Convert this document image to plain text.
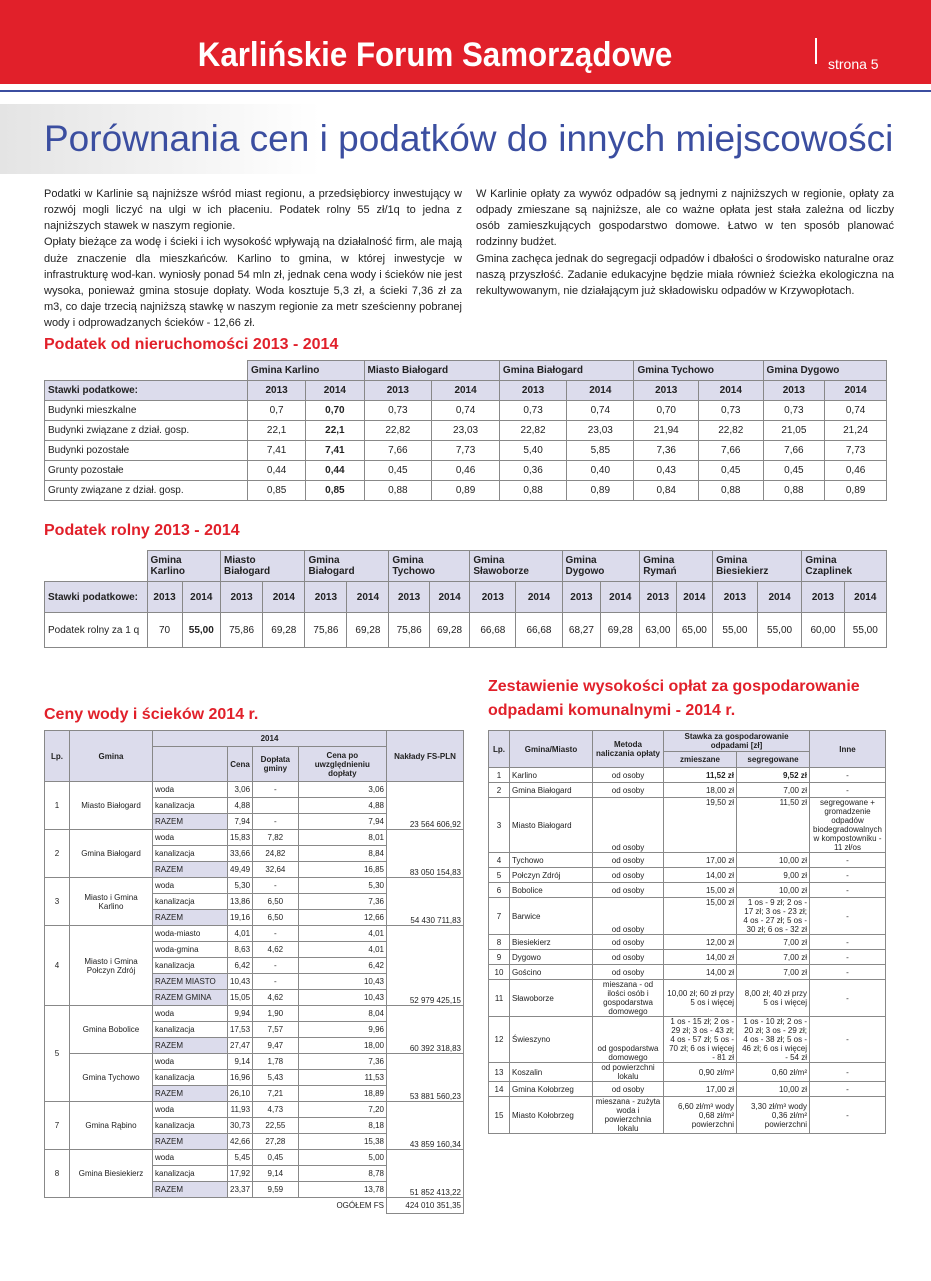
Karlińskie Forum Samorządowe	strona 5
Porównania cen i podatków do innych miejscowości

Podatki w Karlinie są najniższe wśród miast regionu, a przedsiębiorcy inwestujący w rozwój mogli liczyć na ulgi w ich płaceniu. Podatek rolny 55 zł/1q to jedna z najniższych stawek w naszym regionie.

Opłaty bieżące za wodę i ścieki i ich wysokość wpływają na działalność firm, ale mają duże znaczenie dla mieszkańców. Karlino to gmina, w której inwestycje w infrastrukturę wod-kan. wyniosły ponad 54 mln zł, jednak cena wody i ścieków nie jest wysoka, ponieważ gmina stosuje dopłaty. Woda kosztuje 5,3 zł, a ścieki 7,36 zł za m3, co daje trzecią najniższą stawkę w naszym regionie za metr sześcienny pobranej wody i odprowadzanych ścieków - 12,66 zł.

W Karlinie opłaty za wywóz odpadów są jednymi z najniższych w regionie, opłaty za odpady zmieszane są najniższe, ale co ważne opłata jest stała zależna od liczby osób zamieszkujących gospodarstwo domowe. Łatwo w ten sposób planować rodzinny budżet.

Gmina zachęca jednak do segregacji odpadów i dbałości o środowisko naturalne oraz naszą przyszłość. Zadanie edukacyjne będzie miała również ścieżka ekologiczna na rekultywowanym, nie działającym już składowisku odpadów w Krzywopłotach.

Podatek od nieruchomości 2013 - 2014
	Gmina Karlino		Miasto Białogard		Gmina Białogard		Gmina Tychowo		Gmina Dygowo	
Stawki podatkowe:	2013	2014	2013	2014	2013	2014	2013	2014	2013	2014
Budynki mieszkalne	0,7	0,70	0,73	0,74	0,73	0,74	0,70	0,73	0,73	0,74
Budynki związane z dział. gosp.	22,1	22,1	22,82	23,03	22,82	23,03	21,94	22,82	21,05	21,24
Budynki pozostałe	7,41	7,41	7,66	7,73	5,40	5,85	7,36	7,66	7,66	7,73
Grunty pozostałe	0,44	0,44	0,45	0,46	0,36	0,40	0,43	0,45	0,45	0,46
Grunty związane z dział. gosp.	0,85	0,85	0,88	0,89	0,88	0,89	0,84	0,88	0,88	0,89
Podatek rolny 2013 - 2014
	Gmina Karlino		Miasto Białogard		Gmina Białogard		Gmina Tychowo		Gmina Sławoborze		Gmina Dygowo		Gmina Rymań		Gmina Biesiekierz		Gmina Czaplinek	
Stawki podatkowe:	2013	2014	2013	2014	2013	2014	2013	2014	2013	2014	2013	2014	2013	2014	2013	2014	2013	2014
Podatek rolny za 1 q	70	55,00	75,86	69,28	75,86	69,28	75,86	69,28	66,68	66,68	68,27	69,28	63,00	65,00	55,00	55,00	60,00	55,00
Ceny wody i ścieków 2014 r.
Lp.	Gmina	2014				Nakłady FS-PLN
			Cena	Dopłata gminy	Cena po uwzględnieniu dopłaty	
1	Miasto Białogard	woda	3,06	-	3,06	23 564 606,92
		kanalizacja	4,88		4,88	
		RAZEM	7,94	-	7,94	
2	Gmina Białogard	woda	15,83	7,82	8,01	83 050 154,83
		kanalizacja	33,66	24,82	8,84	
		RAZEM	49,49	32,64	16,85	
3	Miasto i Gmina Karlino	woda	5,30	-	5,30	54 430 711,83
		kanalizacja	13,86	6,50	7,36	
		RAZEM	19,16	6,50	12,66	
4	Miasto i Gmina Połczyn Zdrój	woda-miasto	4,01	-	4,01	52 979 425,15
		woda-gmina	8,63	4,62	4,01	
		kanalizacja	6,42	-	6,42	
		RAZEM MIASTO	10,43	-	10,43	
		RAZEM GMINA	15,05	4,62	10,43	
5	Gmina Bobolice	woda	9,94	1,90	8,04	60 392 318,83
		kanalizacja	17,53	7,57	9,96	
		RAZEM	27,47	9,47	18,00	
	Gmina Tychowo	woda	9,14	1,78	7,36	53 881 560,23
		kanalizacja	16,96	5,43	11,53	
		RAZEM	26,10	7,21	18,89	
7	Gmina Rąbino	woda	11,93	4,73	7,20	43 859 160,34
		kanalizacja	30,73	22,55	8,18	
		RAZEM	42,66	27,28	15,38	
8	Gmina Biesiekierz	woda	5,45	0,45	5,00	51 852 413,22
		kanalizacja	17,92	9,14	8,78	
		RAZEM	23,37	9,59	13,78	

OGÓŁEM FS						424 010 351,35
Zestawienie wysokości opłat za gospodarowanie
odpadami komunalnymi - 2014 r.
Lp.	Gmina/Miasto	Metoda naliczania opłaty	Stawka za gospodarowanie odpadami [zł]		Inne
			zmieszane	segregowane	
1	Karlino	od osoby	11,52 zł	9,52 zł	-
2	Gmina Białogard	od osoby	18,00 zł	7,00 zł	-
3	Miasto Białogard	od osoby	19,50 zł	11,50 zł	segregowane + gromadzenie odpadów biodegradowalnych w kompostowniku - 11 zł/os
4	Tychowo	od osoby	17,00 zł	10,00 zł	-
5	Połczyn Zdrój	od osoby	14,00 zł	9,00 zł	-
6	Bobolice	od osoby	15,00 zł	10,00 zł	-
7	Barwice	od osoby	15,00 zł	1 os - 9 zł; 2 os - 17 zł; 3 os - 23 zł; 4 os - 27 zł; 5 os - 30 zł; 6 os - 32 zł	-
8	Biesiekierz	od osoby	12,00 zł	7,00 zł	-
9	Dygowo	od osoby	14,00 zł	7,00 zł	-
10	Gościno	od osoby	14,00 zł	7,00 zł	-
11	Sławoborze	mieszana - od ilości osób i gospodarstwa domowego	10,00 zł; 60 zł przy 5 os i więcej	8,00 zł; 40 zł przy 5 os i więcej	-
12	Świeszyno	od gospodarstwa domowego	1 os - 15 zł; 2 os - 29 zł; 3 os - 43 zł; 4 os - 57 zł; 5 os - 70 zł; 6 os i więcej - 81 zł	1 os - 10 zł; 2 os - 20 zł; 3 os - 29 zł; 4 os - 38 zł; 5 os - 46 zł; 6 os i więcej - 54 zł	-
13	Koszalin	od powierzchni lokalu	0,90 zł/m²	0,60 zł/m²	-
14	Gmina Kołobrzeg	od osoby	17,00 zł	10,00 zł	-
15	Miasto Kołobrzeg	mieszana - zużyta woda i powierzchnia lokalu	6,60 zł/m³ wody 0,68 zł/m² powierzchni	3,30 zł/m³ wody 0,36 zł/m² powierzchni	-
